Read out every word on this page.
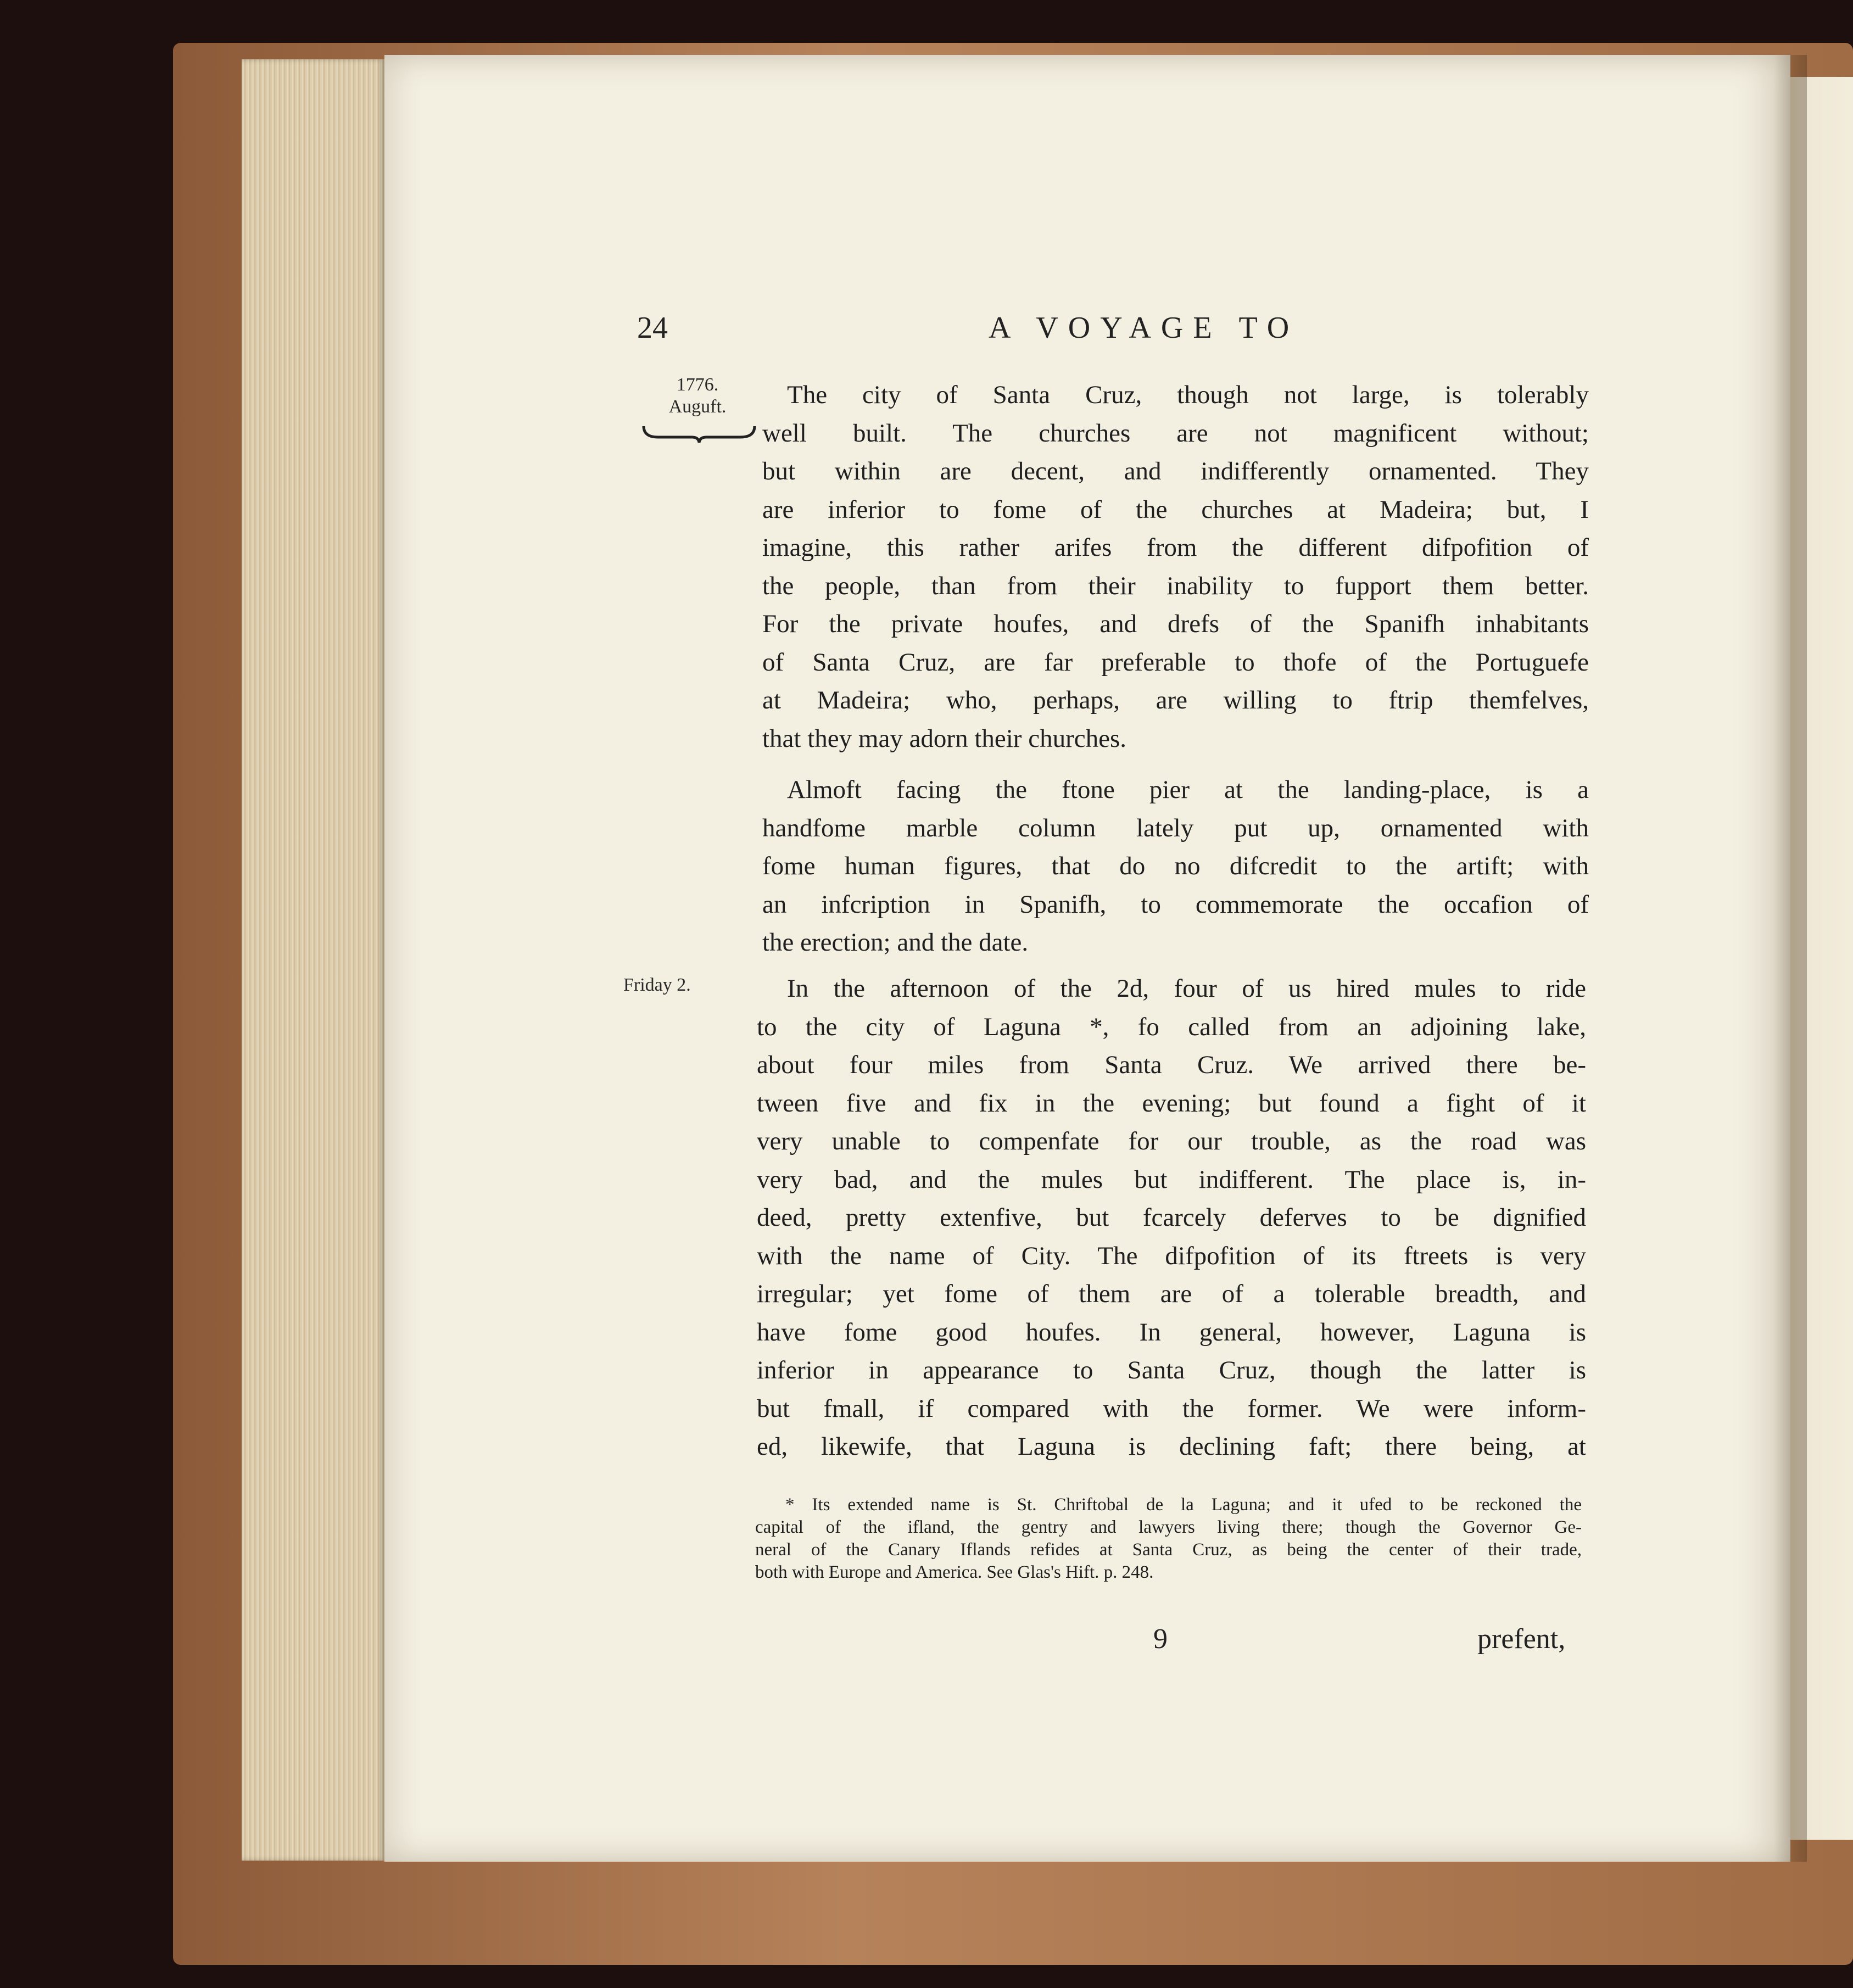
24	A VOYAGE TO
1776.
Auguft.
Friday 2.
The city of Santa Cruz, though not large, is tolerably
well built. The churches are not magnificent without;
but within are decent, and indifferently ornamented. They
are inferior to fome of the churches at Madeira; but, I
imagine, this rather arifes from the different difpofition of
the people, than from their inability to fupport them better.
For the private houfes, and drefs of the Spanifh inhabitants
of Santa Cruz, are far preferable to thofe of the Portuguefe
at Madeira; who, perhaps, are willing to ftrip themfelves,
that they may adorn their churches.
Almoft facing the ftone pier at the landing-place, is a
handfome marble column lately put up, ornamented with
fome human figures, that do no difcredit to the artift; with
an infcription in Spanifh, to commemorate the occafion of
the erection; and the date.
In the afternoon of the 2d, four of us hired mules to ride
to the city of Laguna *, fo called from an adjoining lake,
about four miles from Santa Cruz. We arrived there be-
tween five and fix in the evening; but found a fight of it
very unable to compenfate for our trouble, as the road was
very bad, and the mules but indifferent. The place is, in-
deed, pretty extenfive, but fcarcely deferves to be dignified
with the name of City. The difpofition of its ftreets is very
irregular; yet fome of them are of a tolerable breadth, and
have fome good houfes. In general, however, Laguna is
inferior in appearance to Santa Cruz, though the latter is
but fmall, if compared with the former. We were inform-
ed, likewife, that Laguna is declining faft; there being, at
* Its extended name is St. Chriftobal de la Laguna; and it ufed to be reckoned the
capital of the ifland, the gentry and lawyers living there; though the Governor Ge-
neral of the Canary Iflands refides at Santa Cruz, as being the center of their trade,
both with Europe and America. See Glas's Hift. p. 248.
9	prefent,
